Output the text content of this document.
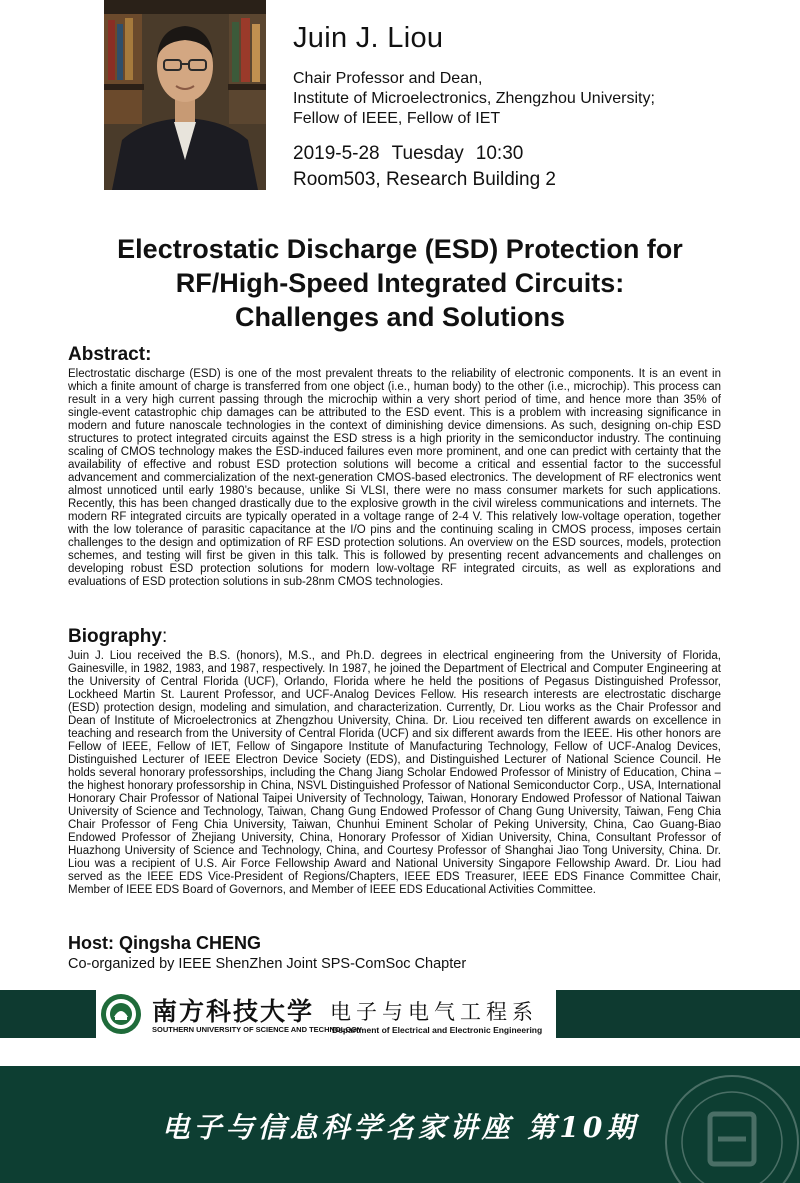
Juin J. Liou
Chair Professor and Dean,
Institute of Microelectronics, Zhengzhou University;
Fellow of IEEE, Fellow of IET
2019-5-28 Tuesday 10:30
Room503, Research Building 2
Electrostatic Discharge (ESD) Protection for
RF/High-Speed Integrated Circuits:
Challenges and Solutions
Abstract:
Electrostatic discharge (ESD) is one of the most prevalent threats to the reliability of electronic components. It is an event in which a finite amount of charge is transferred from one object (i.e., human body) to the other (i.e., microchip). This process can result in a very high current passing through the microchip within a very short period of time, and hence more than 35% of single-event catastrophic chip damages can be attributed to the ESD event. This is a problem with increasing significance in modern and future nanoscale technologies in the context of diminishing device dimensions. As such, designing on-chip ESD structures to protect integrated circuits against the ESD stress is a high priority in the semiconductor industry. The continuing scaling of CMOS technology makes the ESD-induced failures even more prominent, and one can predict with certainty that the availability of effective and robust ESD protection solutions will become a critical and essential factor to the successful advancement and commercialization of the next-generation CMOS-based electronics. The development of RF electronics went almost unnoticed until early 1980’s because, unlike Si VLSI, there were no mass consumer markets for such applications. Recently, this has been changed drastically due to the explosive growth in the civil wireless communications and internets. The modern RF integrated circuits are typically operated in a voltage range of 2-4 V. This relatively low-voltage operation, together with the low tolerance of parasitic capacitance at the I/O pins and the continuing scaling in CMOS process, imposes certain challenges to the design and optimization of RF ESD protection solutions. An overview on the ESD sources, models, protection schemes, and testing will first be given in this talk. This is followed by presenting recent advancements and challenges on developing robust ESD protection solutions for modern low-voltage RF integrated circuits, as well as explorations and evaluations of ESD protection solutions in sub-28nm CMOS technologies.
Biography:
Juin J. Liou received the B.S. (honors), M.S., and Ph.D. degrees in electrical engineering from the University of Florida, Gainesville, in 1982, 1983, and 1987, respectively. In 1987, he joined the Department of Electrical and Computer Engineering at the University of Central Florida (UCF), Orlando, Florida where he held the positions of Pegasus Distinguished Professor, Lockheed Martin St. Laurent Professor, and UCF-Analog Devices Fellow. His research interests are electrostatic discharge (ESD) protection design, modeling and simulation, and characterization. Currently, Dr. Liou works as the Chair Professor and Dean of Institute of Microelectronics at Zhengzhou University, China. Dr. Liou received ten different awards on excellence in teaching and research from the University of Central Florida (UCF) and six different awards from the IEEE. His other honors are Fellow of IEEE, Fellow of IET, Fellow of Singapore Institute of Manufacturing Technology, Fellow of UCF-Analog Devices, Distinguished Lecturer of IEEE Electron Device Society (EDS), and Distinguished Lecturer of National Science Council. He holds several honorary professorships, including the Chang Jiang Scholar Endowed Professor of Ministry of Education, China – the highest honorary professorship in China, NSVL Distinguished Professor of National Semiconductor Corp., USA, International Honorary Chair Professor of National Taipei University of Technology, Taiwan, Honorary Endowed Professor of National Taiwan University of Science and Technology, Taiwan, Chang Gung Endowed Professor of Chang Gung University, Taiwan, Feng Chia Chair Professor of Feng Chia University, Taiwan, Chunhui Eminent Scholar of Peking University, China, Cao Guang-Biao Endowed Professor of Zhejiang University, China, Honorary Professor of Xidian University, China, Consultant Professor of Huazhong University of Science and Technology, China, and Courtesy Professor of Shanghai Jiao Tong University, China. Dr. Liou was a recipient of U.S. Air Force Fellowship Award and National University Singapore Fellowship Award. Dr. Liou had served as the IEEE EDS Vice-President of Regions/Chapters, IEEE EDS Treasurer, IEEE EDS Finance Committee Chair, Member of IEEE EDS Board of Governors, and Member of IEEE EDS Educational Activities Committee.
Host: Qingsha CHENG
Co-organized by IEEE ShenZhen Joint SPS-ComSoc Chapter
南方科技大学
SOUTHERN UNIVERSITY OF SCIENCE AND TECHNOLOGY
电子与电气工程系
Department of Electrical and Electronic Engineering
电子与信息科学名家讲座 第10期
